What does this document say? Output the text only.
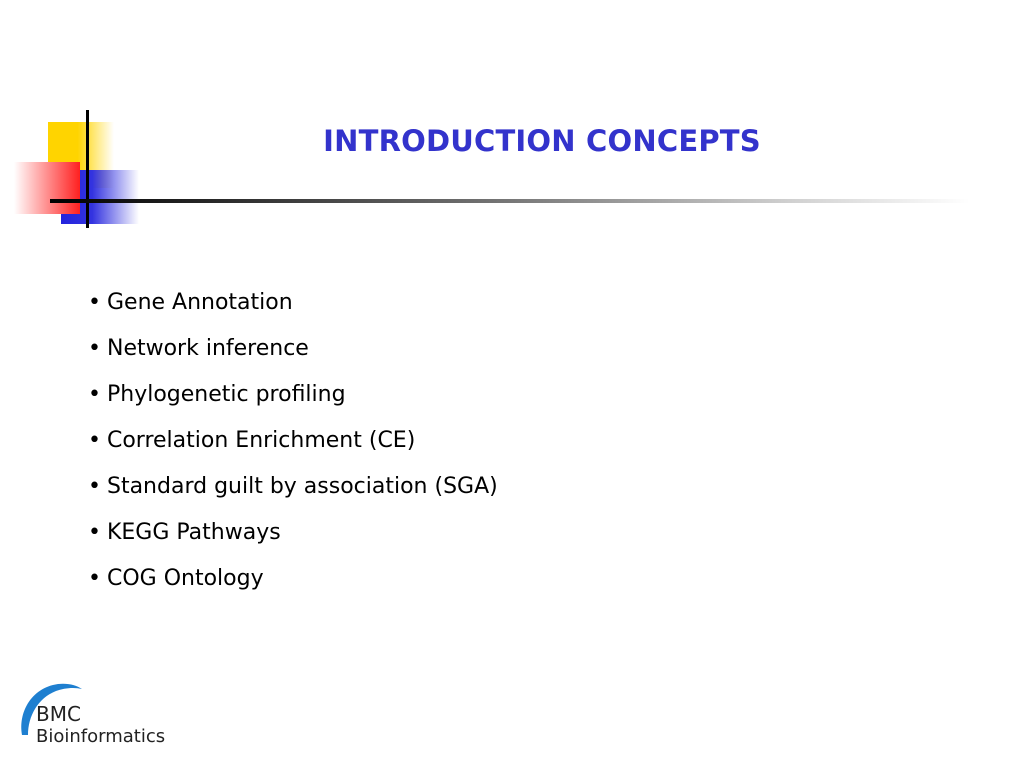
INTRODUCTION CONCEPTS
• Gene Annotation
• Network inference
• Phylogenetic profiling
• Correlation Enrichment (CE)
• Standard guilt by association (SGA)
• KEGG Pathways
• COG Ontology
BMC
Bioinformatics
